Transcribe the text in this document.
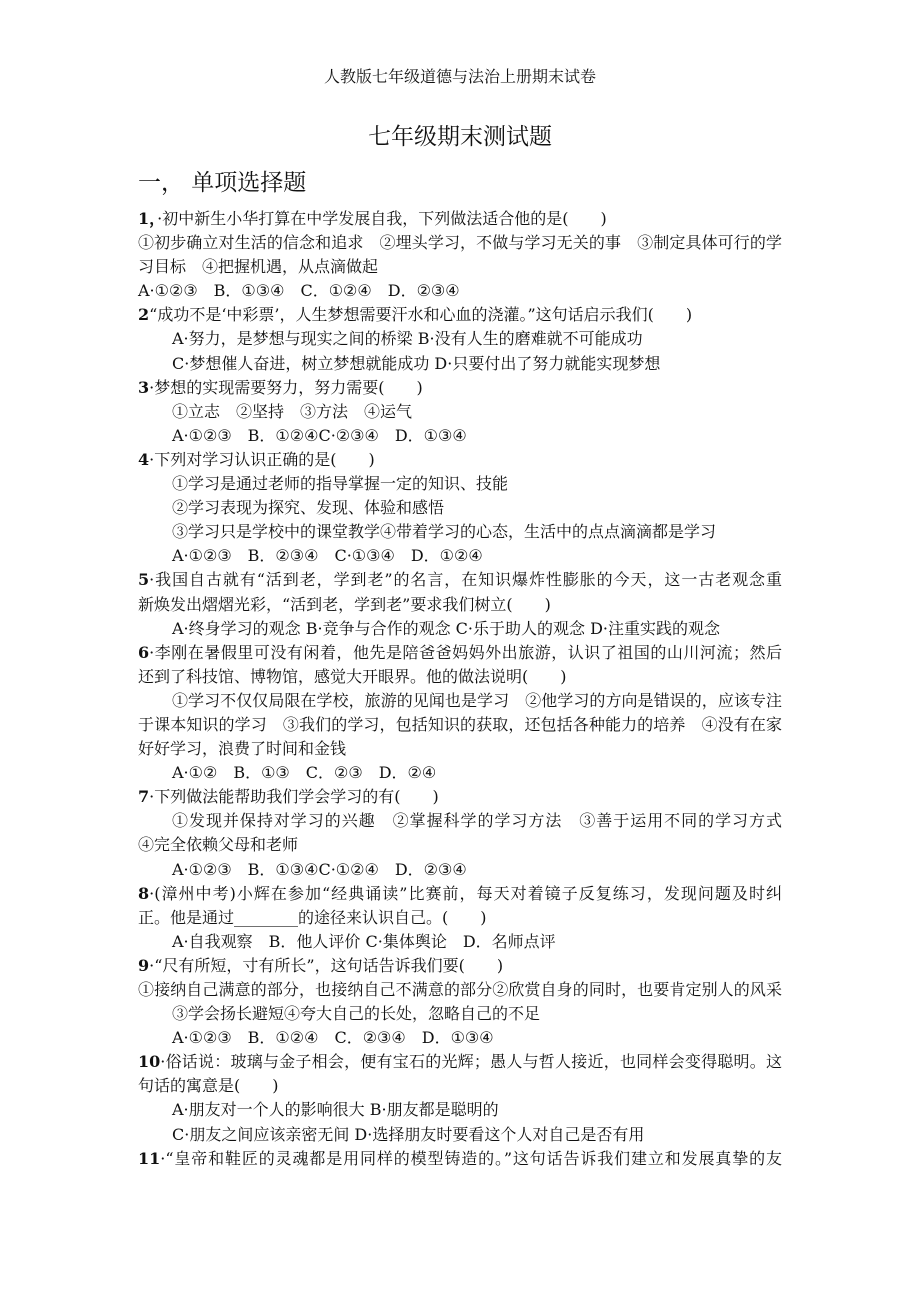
人教版七年级道德与法治上册期末试卷
七年级期末测试题
一， 单项选择题
1，·初中新生小华打算在中学发展自我，下列做法适合他的是(　　)
①初步确立对生活的信念和追求　②埋头学习，不做与学习无关的事　③制定具体可行的学
习目标　④把握机遇，从点滴做起
A·①②③　B．①③④　C．①②④　D．②③④
2“成功不是‘中彩票’，人生梦想需要汗水和心血的浇灌。”这句话启示我们(　　)
A·努力，是梦想与现实之间的桥梁 B·没有人生的磨难就不可能成功
C·梦想催人奋进，树立梦想就能成功 D·只要付出了努力就能实现梦想
3·梦想的实现需要努力，努力需要(　　)
①立志　②坚持　③方法　④运气
A·①②③　B．①②④C·②③④　D．①③④
4·下列对学习认识正确的是(　　)
①学习是通过老师的指导掌握一定的知识、技能
②学习表现为探究、发现、体验和感悟
③学习只是学校中的课堂教学④带着学习的心态，生活中的点点滴滴都是学习
A·①②③　B．②③④　C·①③④　D．①②④
5·我国自古就有“活到老，学到老”的名言，在知识爆炸性膨胀的今天，这一古老观念重
新焕发出熠熠光彩，“活到老，学到老”要求我们树立(　　)
A·终身学习的观念 B·竞争与合作的观念 C·乐于助人的观念 D·注重实践的观念
6·李刚在暑假里可没有闲着，他先是陪爸爸妈妈外出旅游，认识了祖国的山川河流；然后
还到了科技馆、博物馆，感觉大开眼界。他的做法说明(　　)
①学习不仅仅局限在学校，旅游的见闻也是学习　②他学习的方向是错误的，应该专注
于课本知识的学习　③我们的学习，包括知识的获取，还包括各种能力的培养　④没有在家
好好学习，浪费了时间和金钱
A·①②　B．①③　C．②③　D．②④
7·下列做法能帮助我们学会学习的有(　　)
①发现并保持对学习的兴趣　②掌握科学的学习方法　③善于运用不同的学习方式
④完全依赖父母和老师
A·①②③　B．①③④C·①②④　D．②③④
8·(漳州中考)小辉在参加“经典诵读”比赛前，每天对着镜子反复练习，发现问题及时纠
正。他是通过________的途径来认识自己。(　　)
A·自我观察　B．他人评价 C·集体舆论　D．名师点评
9·“尺有所短，寸有所长”，这句话告诉我们要(　　)
①接纳自己满意的部分，也接纳自己不满意的部分②欣赏自身的同时，也要肯定别人的风采
③学会扬长避短④夸大自己的长处，忽略自己的不足
A·①②③　B．①②④　C．②③④　D．①③④
10·俗话说：玻璃与金子相会，便有宝石的光辉；愚人与哲人接近，也同样会变得聪明。这
句话的寓意是(　　)
A·朋友对一个人的影响很大 B·朋友都是聪明的
C·朋友之间应该亲密无间 D·选择朋友时要看这个人对自己是否有用
11·“皇帝和鞋匠的灵魂都是用同样的模型铸造的。”这句话告诉我们建立和发展真挚的友
